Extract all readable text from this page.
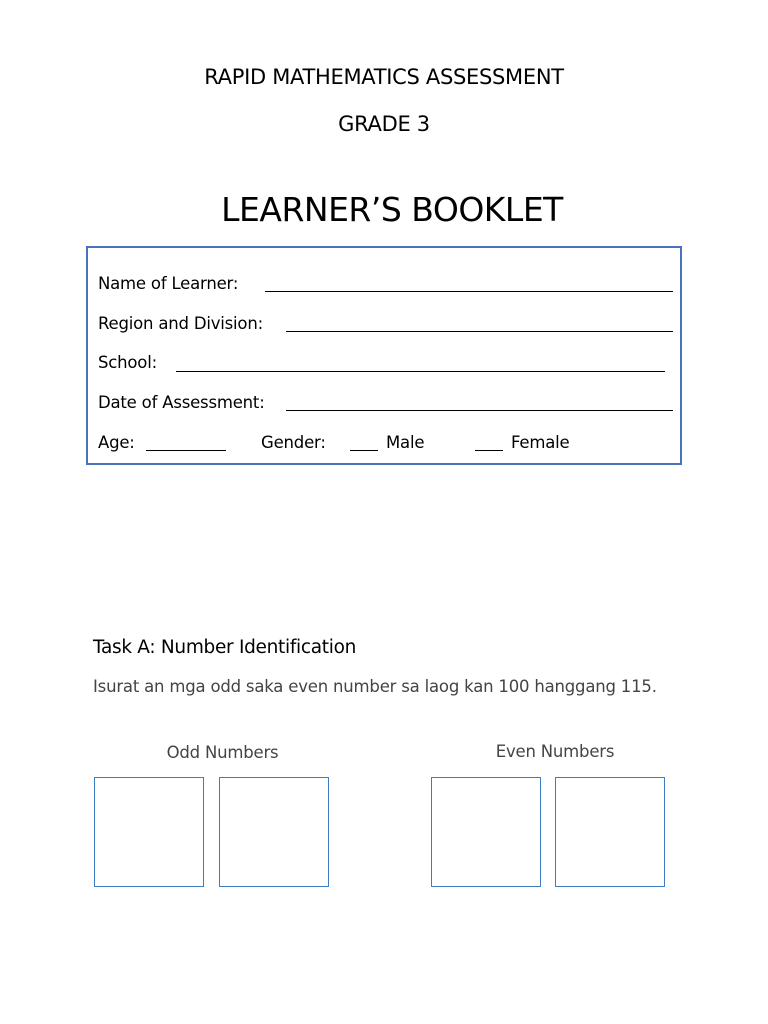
RAPID MATHEMATICS ASSESSMENT
GRADE 3
LEARNER’S BOOKLET
Name of Learner:
Region and Division:
School:
Date of Assessment:
Age:	Gender:	Male	Female
Task A: Number Identification
Isurat an mga odd saka even number sa laog kan 100 hanggang 115.
Odd Numbers	Even Numbers
